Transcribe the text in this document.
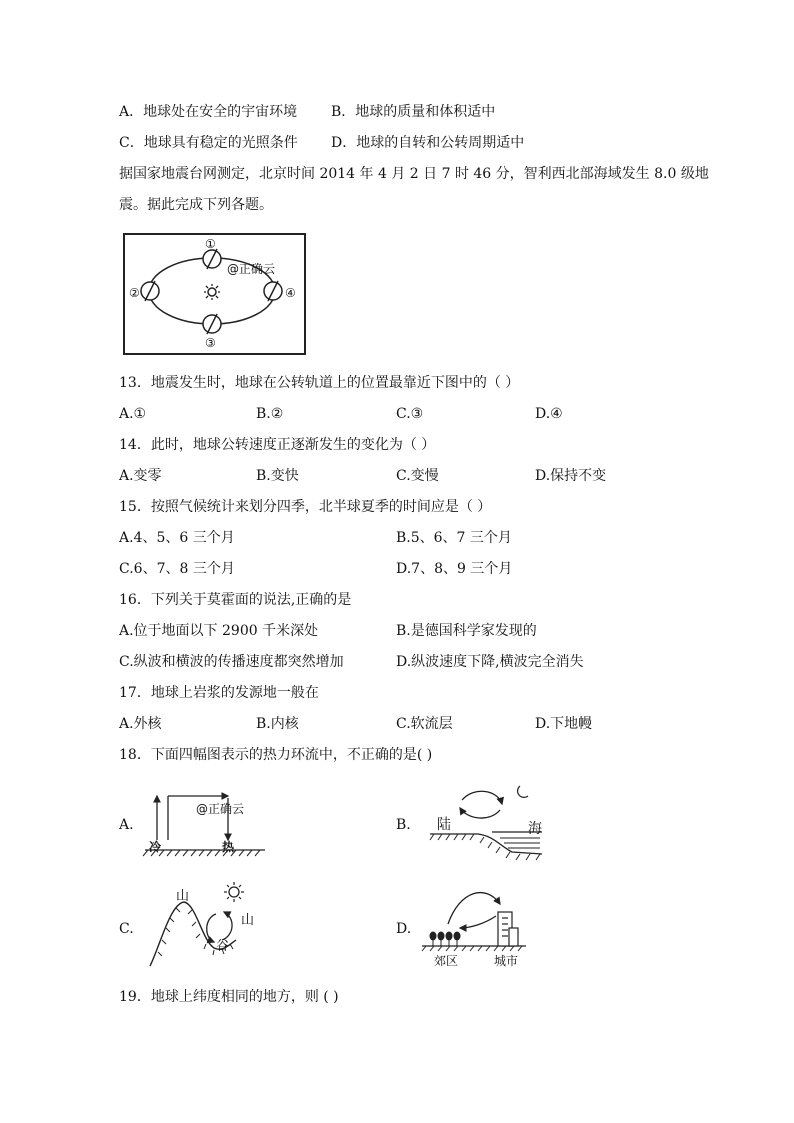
A．地球处在安全的宇宙环境 B．地球的质量和体积适中
C．地球具有稳定的光照条件 D．地球的自转和公转周期适中
据国家地震台网测定，北京时间 2014 年 4 月 2 日 7 时 46 分，智利西北部海域发生 8.0 级地
震。据此完成下列各题。
①
②
③
④
@正确云
13．地震发生时，地球在公转轨道上的位置最靠近下图中的（ ）
A.①	B.②	C.③	D.④
14．此时，地球公转速度正逐渐发生的变化为（ ）
A.变零	B.变快	C.变慢	D.保持不变
15．按照气候统计来划分四季，北半球夏季的时间应是（ ）
A.4、5、6 三个月	B.5、6、7 三个月
C.6、7、8 三个月	D.7、8、9 三个月
16．下列关于莫霍面的说法,正确的是
A.位于地面以下 2900 千米深处	B.是德国科学家发现的
C.纵波和横波的传播速度都突然增加	D.纵波速度下降,横波完全消失
17．地球上岩浆的发源地一般在
A.外核	B.内核	C.软流层	D.下地幔
18．下面四幅图表示的热力环流中，不正确的是( )
A.
@正确云
冷	热
B. 陆	海
C.
山
山
谷
D.
郊区	城市
19．地球上纬度相同的地方，则 ( )
